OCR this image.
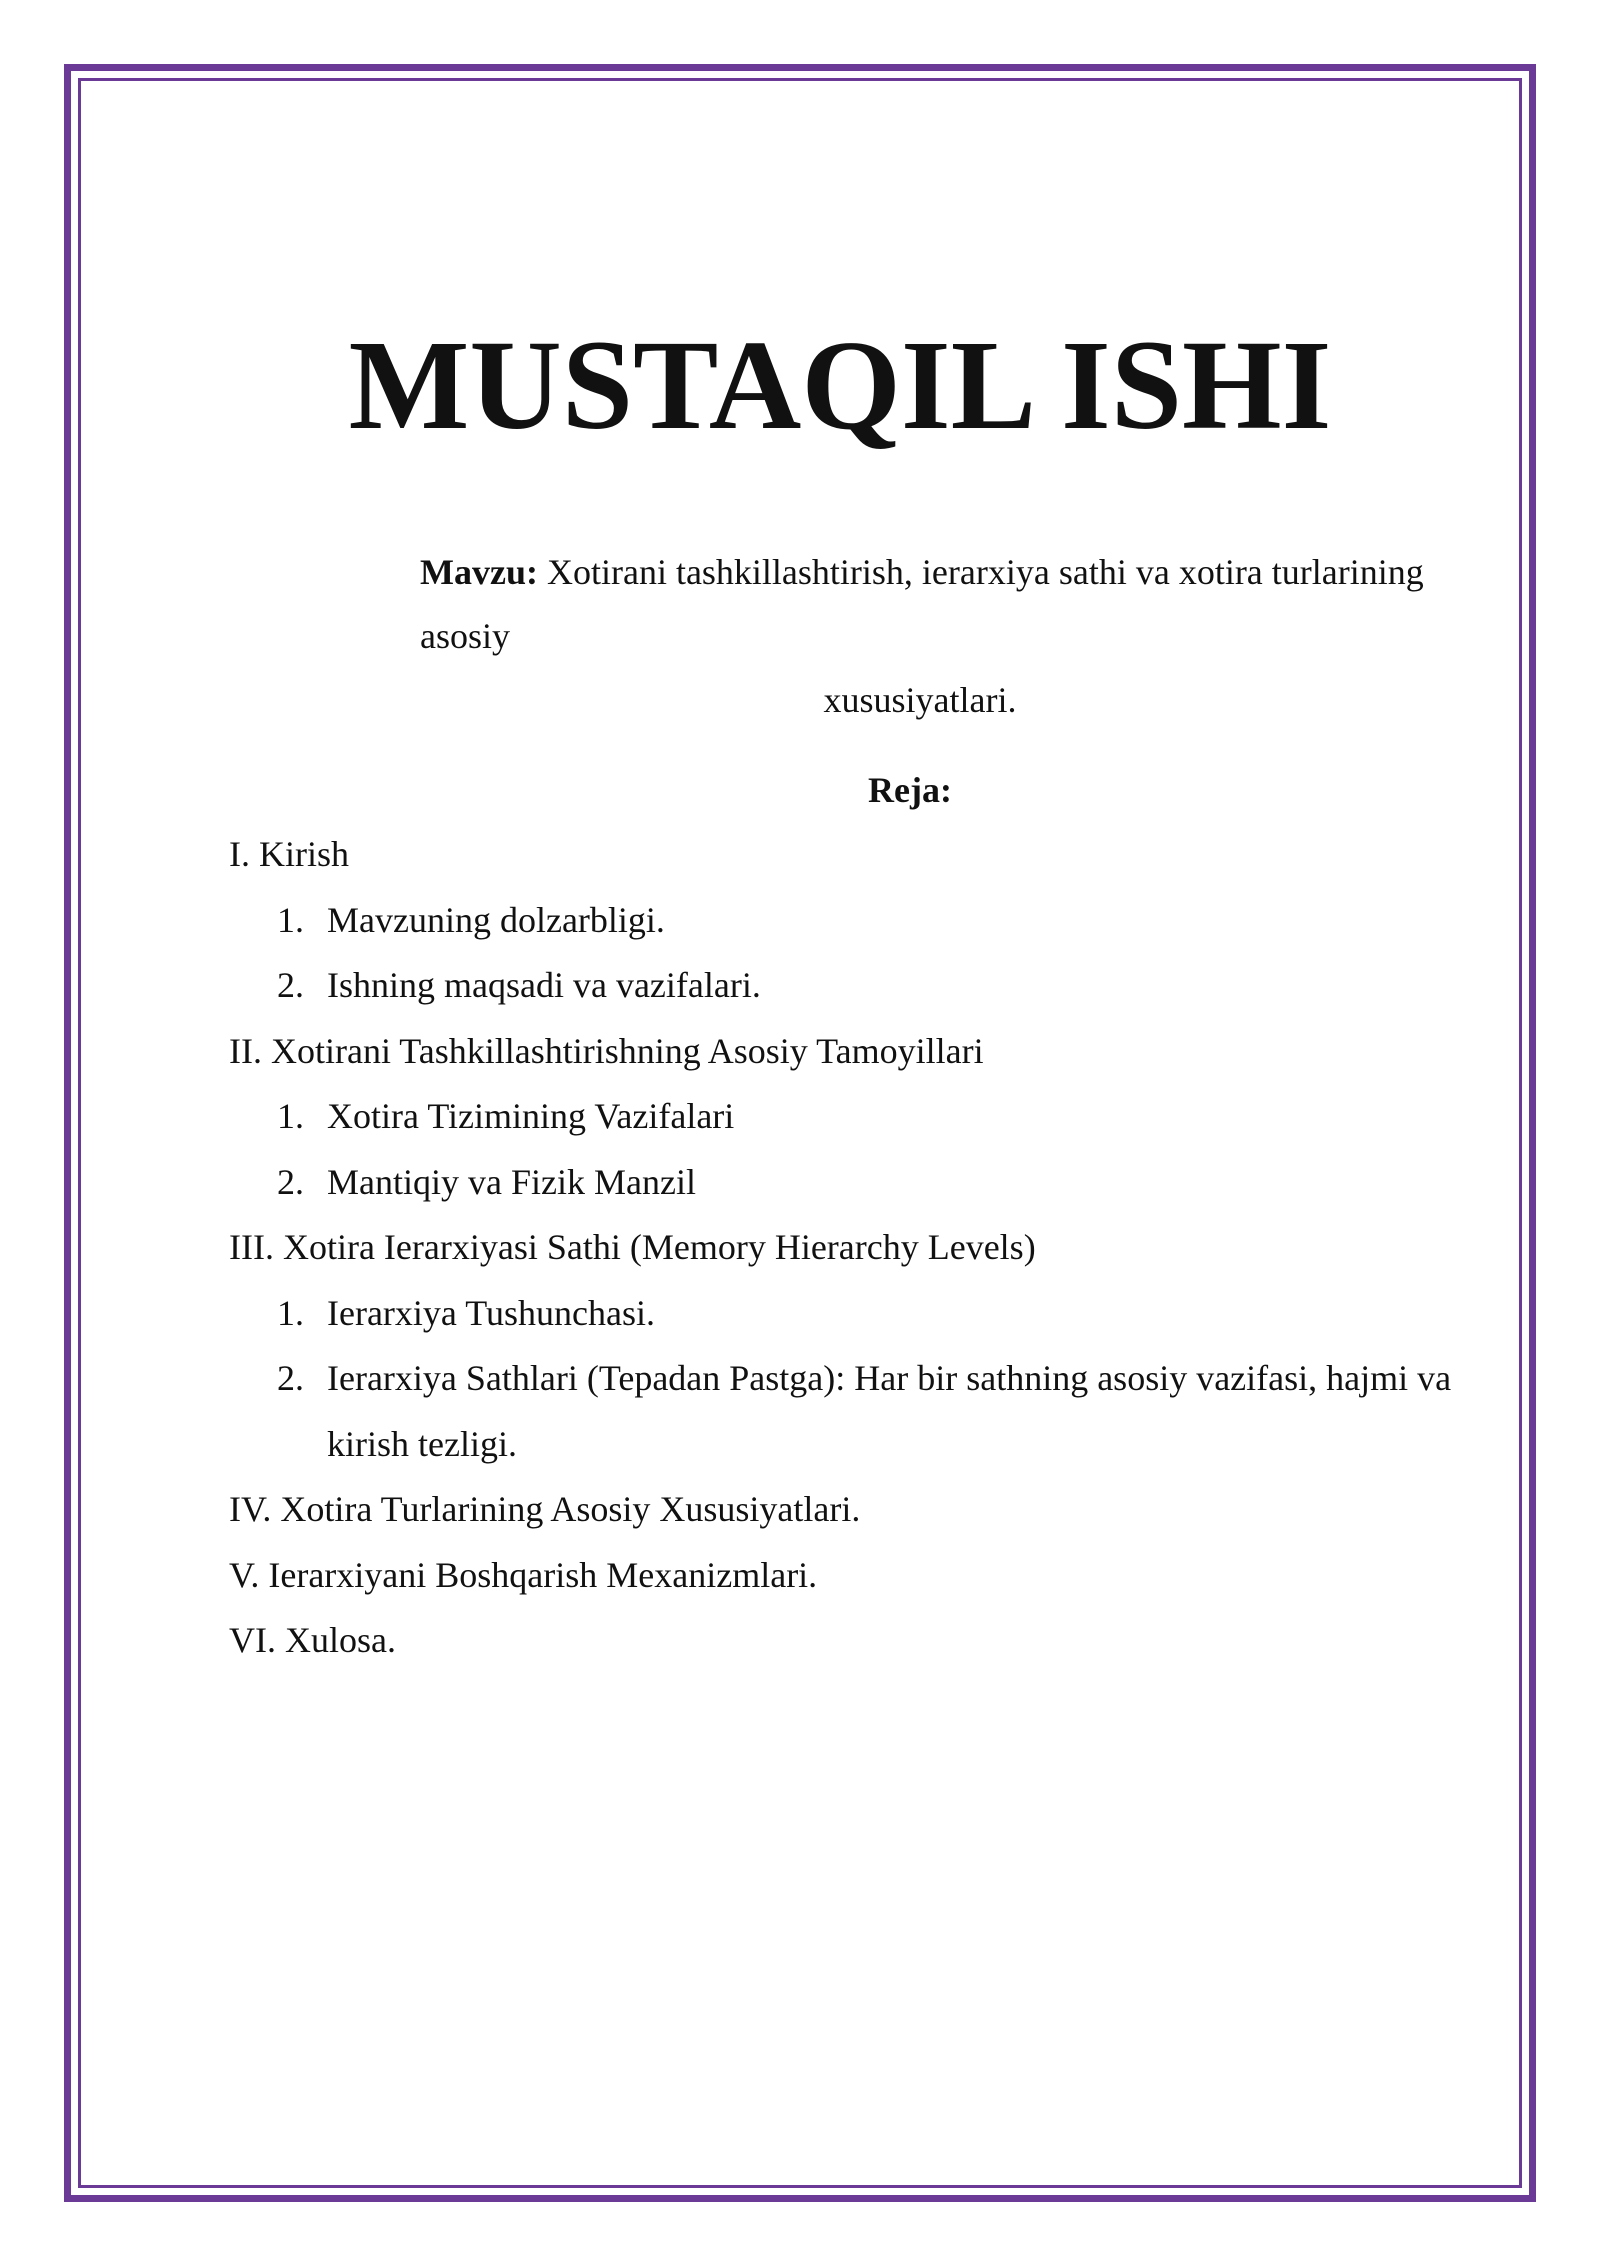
MUSTAQIL ISHI

Mavzu: Xotirani tashkillashtirish, ierarxiya sathi va xotira turlarining asosiy
xususiyatlari.

Reja:

I. Kirish
1. Mavzuning dolzarbligi.
2. Ishning maqsadi va vazifalari.
II. Xotirani Tashkillashtirishning Asosiy Tamoyillari
1. Xotira Tizimining Vazifalari
2. Mantiqiy va Fizik Manzil
III. Xotira Ierarxiyasi Sathi (Memory Hierarchy Levels)
1. Ierarxiya Tushunchasi.
2. Ierarxiya Sathlari (Tepadan Pastga): Har bir sathning asosiy vazifasi, hajmi va kirish tezligi.
IV. Xotira Turlarining Asosiy Xususiyatlari.
V. Ierarxiyani Boshqarish Mexanizmlari.
VI. Xulosa.
